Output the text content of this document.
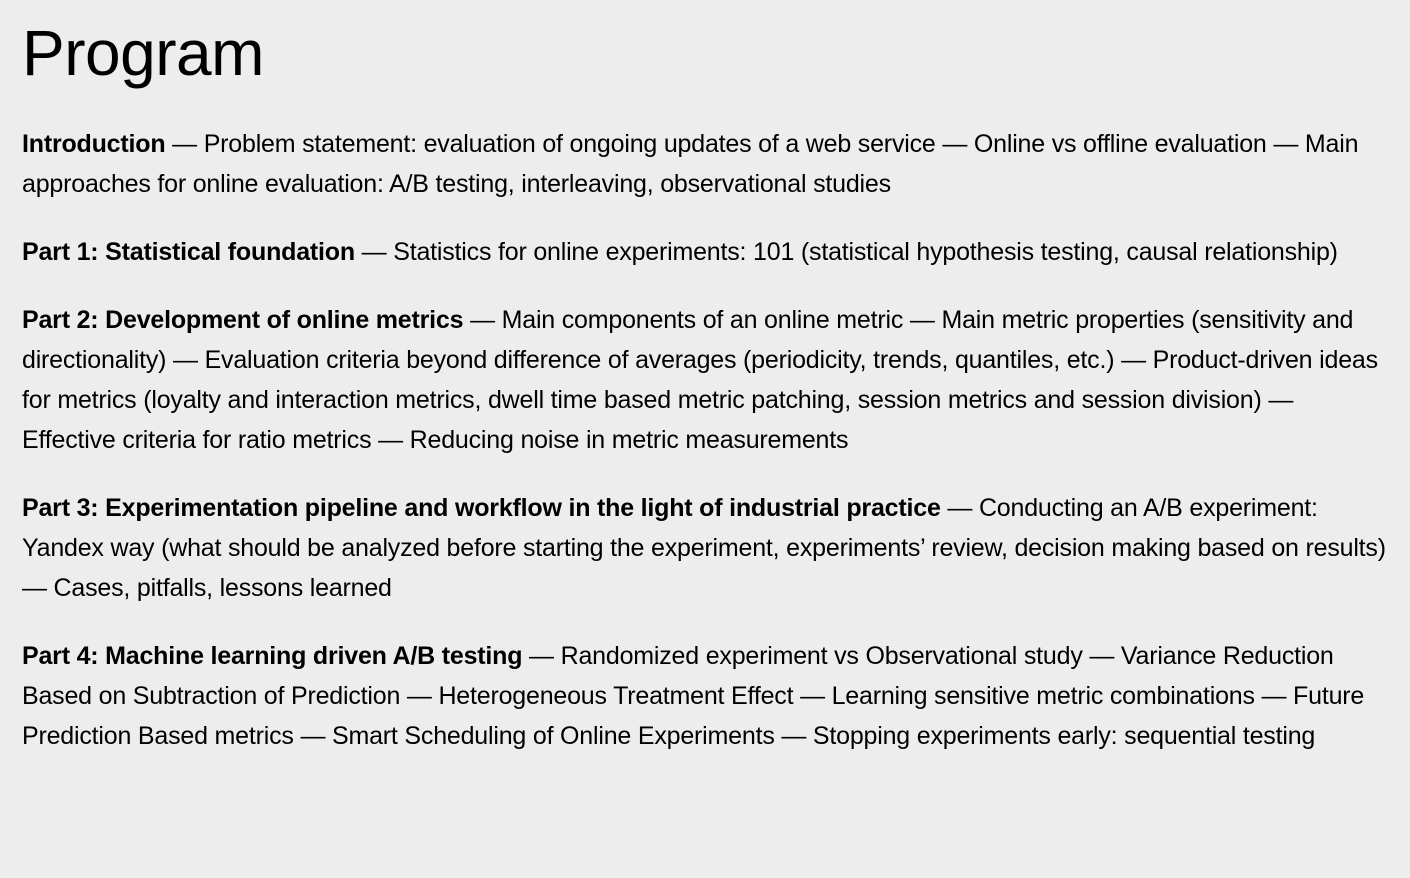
Program

Introduction — Problem statement: evaluation of ongoing updates of a web service — Online vs offline evaluation — Main approaches for online evaluation: A/B testing, interleaving, observational studies

Part 1: Statistical foundation — Statistics for online experiments: 101 (statistical hypothesis testing, causal relationship)

Part 2: Development of online metrics — Main components of an online metric — Main metric properties (sensitivity and directionality) — Evaluation criteria beyond difference of averages (periodicity, trends, quantiles, etc.) — Product-driven ideas for metrics (loyalty and interaction metrics, dwell time based metric patching, session metrics and session division) — Effective criteria for ratio metrics — Reducing noise in metric measurements

Part 3: Experimentation pipeline and workflow in the light of industrial practice — Conducting an A/B experiment: Yandex way (what should be analyzed before starting the experiment, experiments’ review, decision making based on results) — Cases, pitfalls, lessons learned

Part 4: Machine learning driven A/B testing — Randomized experiment vs Observational study — Variance Reduction Based on Subtraction of Prediction — Heterogeneous Treatment Effect — Learning sensitive metric combinations — Future Prediction Based metrics — Smart Scheduling of Online Experiments — Stopping experiments early: sequential testing
